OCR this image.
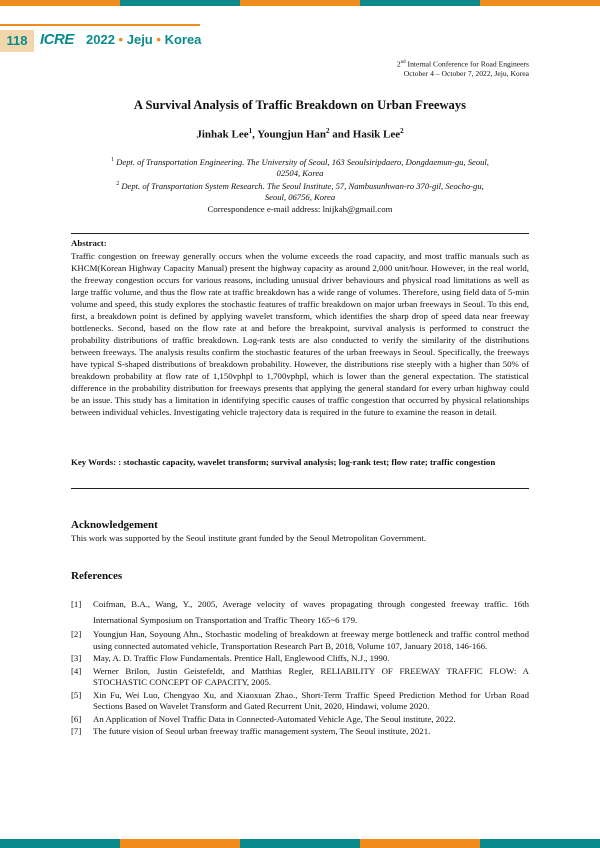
118 ICRE 2022 • Jeju • Korea
2nd Internal Conference for Road Engineers
October 4 – October 7, 2022, Jeju, Korea
A Survival Analysis of Traffic Breakdown on Urban Freeways
Jinhak Lee$^1$, Youngjun Han$^2$ and Hasik Lee$^2$
$^1$ Dept. of Transportation Engineering. The University of Seoul, 163 Seoulsiripdaero, Dongdaemun-gu, Seoul,
02504, Korea
$^2$ Dept. of Transportation System Research. The Seoul Institute, 57, Nambusunhwan-ro 370-gil, Seocho-gu,
Seoul, 06756, Korea
Correspondence e-mail address: lnijkah@gmail.com
Abstract:
Traffic congestion on freeway generally occurs when the volume exceeds the road capacity, and most traffic manuals such as KHCM(Korean Highway Capacity Manual) present the highway capacity as around 2,000 unit/hour. However, in the real world, the freeway congestion occurs for various reasons, including unusual driver behaviours and physical road limitations as well as large traffic volume, and thus the flow rate at traffic breakdown has a wide range of volumes. Therefore, using field data of 5-min volume and speed, this study explores the stochastic features of traffic breakdown on major urban freeways in Seoul. To this end, first, a breakdown point is defined by applying wavelet transform, which identifies the sharp drop of speed data near freeway bottlenecks. Second, based on the flow rate at and before the breakpoint, survival analysis is performed to construct the probability distributions of traffic breakdown. Log-rank tests are also conducted to verify the similarity of the distributions between freeways. The analysis results confirm the stochastic features of the urban freeways in Seoul. Specifically, the freeways have typical S-shaped distributions of breakdown probability. However, the distributions rise steeply with a higher than 50% of breakdown probability at flow rate of 1,150vphpl to 1,700vphpl, which is lower than the general expectation. The statistical difference in the probability distribution for freeways presents that applying the general standard for every urban highway could be an issue. This study has a limitation in identifying specific causes of traffic congestion that occurred by physical relationships between individual vehicles. Investigating vehicle trajectory data is required in the future to examine the reason in detail.
Key Words: : stochastic capacity, wavelet transform; survival analysis; log-rank test; flow rate; traffic congestion
Acknowledgement
This work was supported by the Seoul institute grant funded by the Seoul Metropolitan Government.
References
[1]	Coifman, B.A., Wang, Y., 2005, Average velocity of waves propagating through congested freeway traffic. 16th International Symposium on Transportation and Traffic Theory 165~6 179.
[2]	Youngjun Han, Soyoung Ahn., Stochastic modeling of breakdown at freeway merge bottleneck and traffic control method using connected automated vehicle, Transportation Research Part B, 2018, Volume 107, January 2018, 146-166.
[3]	May, A. D. Traffic Flow Fundamentals. Prentice Hall, Englewood Cliffs, N.J., 1990.
[4]	Werner Brilon, Justin Geistefeldt, and Matthias Regler, RELIABILITY OF FREEWAY TRAFFIC FLOW: A STOCHASTIC CONCEPT OF CAPACITY, 2005.
[5]	Xin Fu, Wei Luo, Chengyao Xu, and Xiaoxuan Zhao., Short-Term Traffic Speed Prediction Method for Urban Road Sections Based on Wavelet Transform and Gated Recurrent Unit, 2020, Hindawi, volume 2020.
[6]	An Application of Novel Traffic Data in Connected-Automated Vehicle Age, The Seoul institute, 2022.
[7]	The future vision of Seoul urban freeway traffic management system, The Seoul institute, 2021.
